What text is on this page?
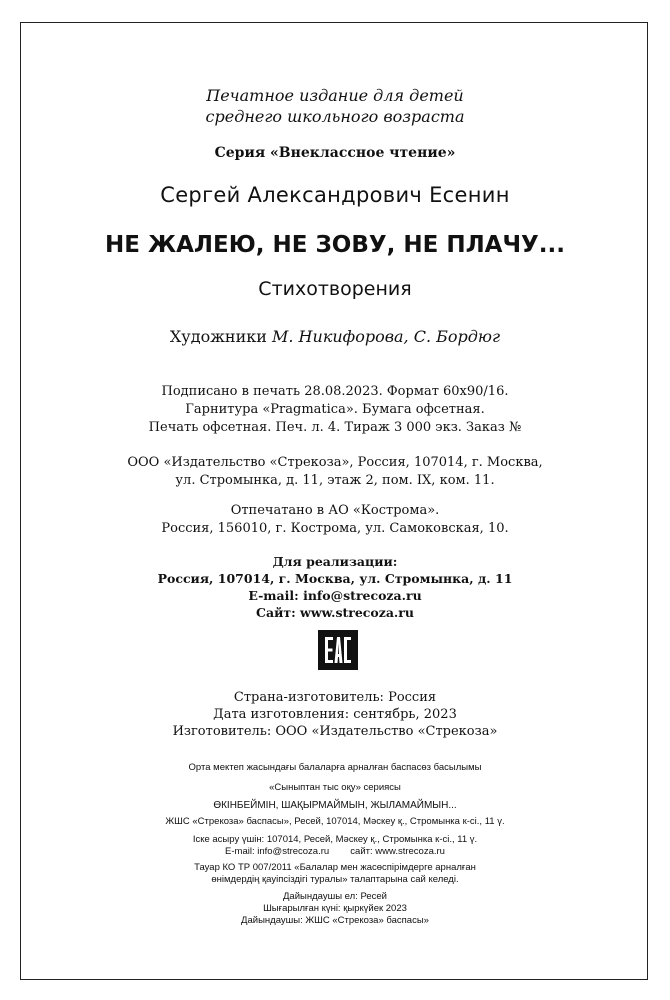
Печатное издание для детей
среднего школьного возраста
Серия «Внеклассное чтение»
Сергей Александрович Есенин
НЕ ЖАЛЕЮ, НЕ ЗОВУ, НЕ ПЛАЧУ...
Стихотворения
Художники М. Никифорова, С. Бордюг
Подписано в печать 28.08.2023. Формат 60х90/16.
Гарнитура «Pragmatica». Бумага офсетная.
Печать офсетная. Печ. л. 4. Тираж 3 000 экз. Заказ №
ООО «Издательство «Стрекоза», Россия, 107014, г. Москва,
ул. Стромынка, д. 11, этаж 2, пом. IX, ком. 11.
Отпечатано в АО «Кострома».
Россия, 156010, г. Кострома, ул. Самоковская, 10.
Для реализации:
Россия, 107014, г. Москва, ул. Стромынка, д. 11
E-mail: info@strecoza.ru
Сайт: www.strecoza.ru
Страна-изготовитель: Россия
Дата изготовления: сентябрь, 2023
Изготовитель: ООО «Издательство «Стрекоза»
Орта мектеп жасындағы балаларға арналған баспасөз басылымы
«Сыныптан тыс оқу» сериясы
ӨКІНБЕЙМІН, ШАҚЫРМАЙМЫН, ЖЫЛАМАЙМЫН...
ЖШС «Стрекоза» баспасы», Ресей, 107014, Мәскеу қ., Стромынка к-сі., 11 ү.
Іске асыру үшін: 107014, Ресей, Мәскеу қ., Стромынка к-сі., 11 ү.
E-mail: info@strecoza.ru        сайт: www.strecoza.ru
Тауар КО ТР 007/2011 «Балалар мен жасөспірімдерге арналған
өнімдердің қауіпсіздігі туралы» талаптарына сай келеді.
Дайындаушы ел: Ресей
Шығарылған күні: қыркүйек 2023
Дайындаушы: ЖШС «Стрекоза» баспасы»
